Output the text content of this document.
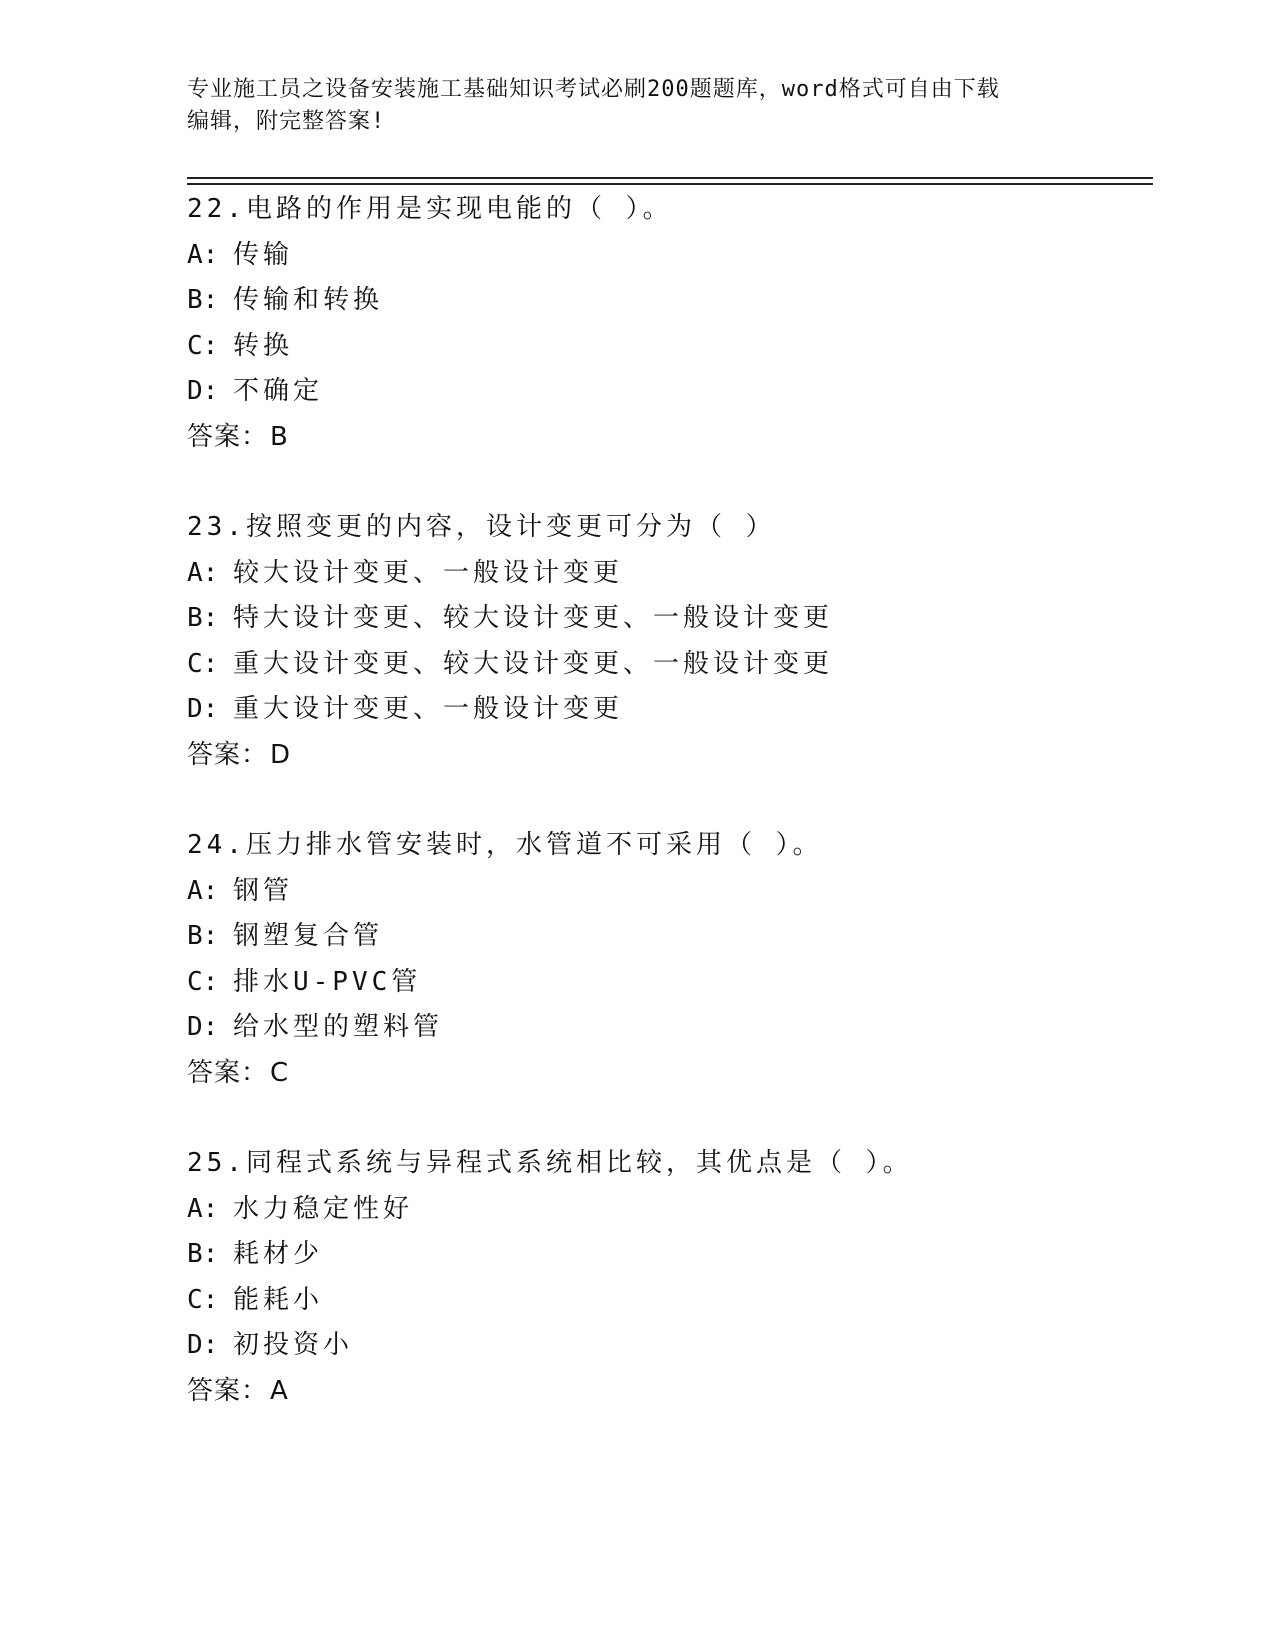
专业施工员之设备安装施工基础知识考试必刷200题题库，word格式可自由下载
编辑，附完整答案!
22.电路的作用是实现电能的（ ）。
A: 传输
B: 传输和转换
C: 转换
D: 不确定
答案：B
23.按照变更的内容，设计变更可分为（ ）
A: 较大设计变更、一般设计变更
B: 特大设计变更、较大设计变更、一般设计变更
C: 重大设计变更、较大设计变更、一般设计变更
D: 重大设计变更、一般设计变更
答案：D
24.压力排水管安装时，水管道不可采用（ ）。
A: 钢管
B: 钢塑复合管
C: 排水U-PVC管
D: 给水型的塑料管
答案：C
25.同程式系统与异程式系统相比较，其优点是（ ）。
A: 水力稳定性好
B: 耗材少
C: 能耗小
D: 初投资小
答案：A
